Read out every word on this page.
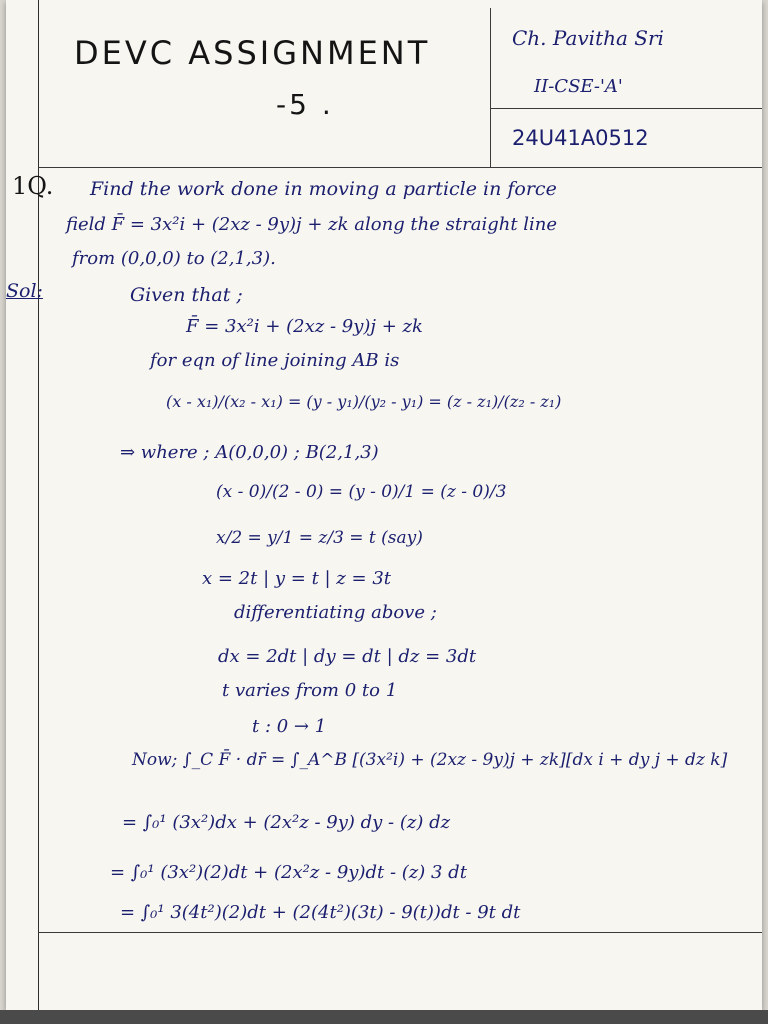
DEVC ASSIGNMENT
-5 .
Ch. Pavitha Sri
II-CSE-'A'
24U41A0512
1Q. Find the work done in moving a particle in force
field F̄ = 3x²i + (2xz - 9y)j + zk along the straight line
from (0,0,0) to (2,1,3).
Sol:	Given that ;
F̄ = 3x²i + (2xz - 9y)j + zk
for eqn of line joining AB is
(x - x₁)/(x₂ - x₁) = (y - y₁)/(y₂ - y₁) = (z - z₁)/(z₂ - z₁)
⇒ where ; A(0,0,0) ; B(2,1,3)
(x - 0)/(2 - 0) = (y - 0)/1 = (z - 0)/3
x/2 = y/1 = z/3 = t (say)
x = 2t | y = t | z = 3t
differentiating above ;
dx = 2dt | dy = dt | dz = 3dt
t varies from 0 to 1
t : 0 → 1
Now; ∫_C F̄ · dr̄ = ∫_A^B [(3x²i) + (2xz - 9y)j + zk][dx i + dy j + dz k]
= ∫₀¹ (3x²)dx + (2x²z - 9y) dy - (z) dz
= ∫₀¹ (3x²)(2)dt + (2x²z - 9y)dt - (z) 3 dt
= ∫₀¹ 3(4t²)(2)dt + (2(4t²)(3t) - 9(t))dt - 9t dt
